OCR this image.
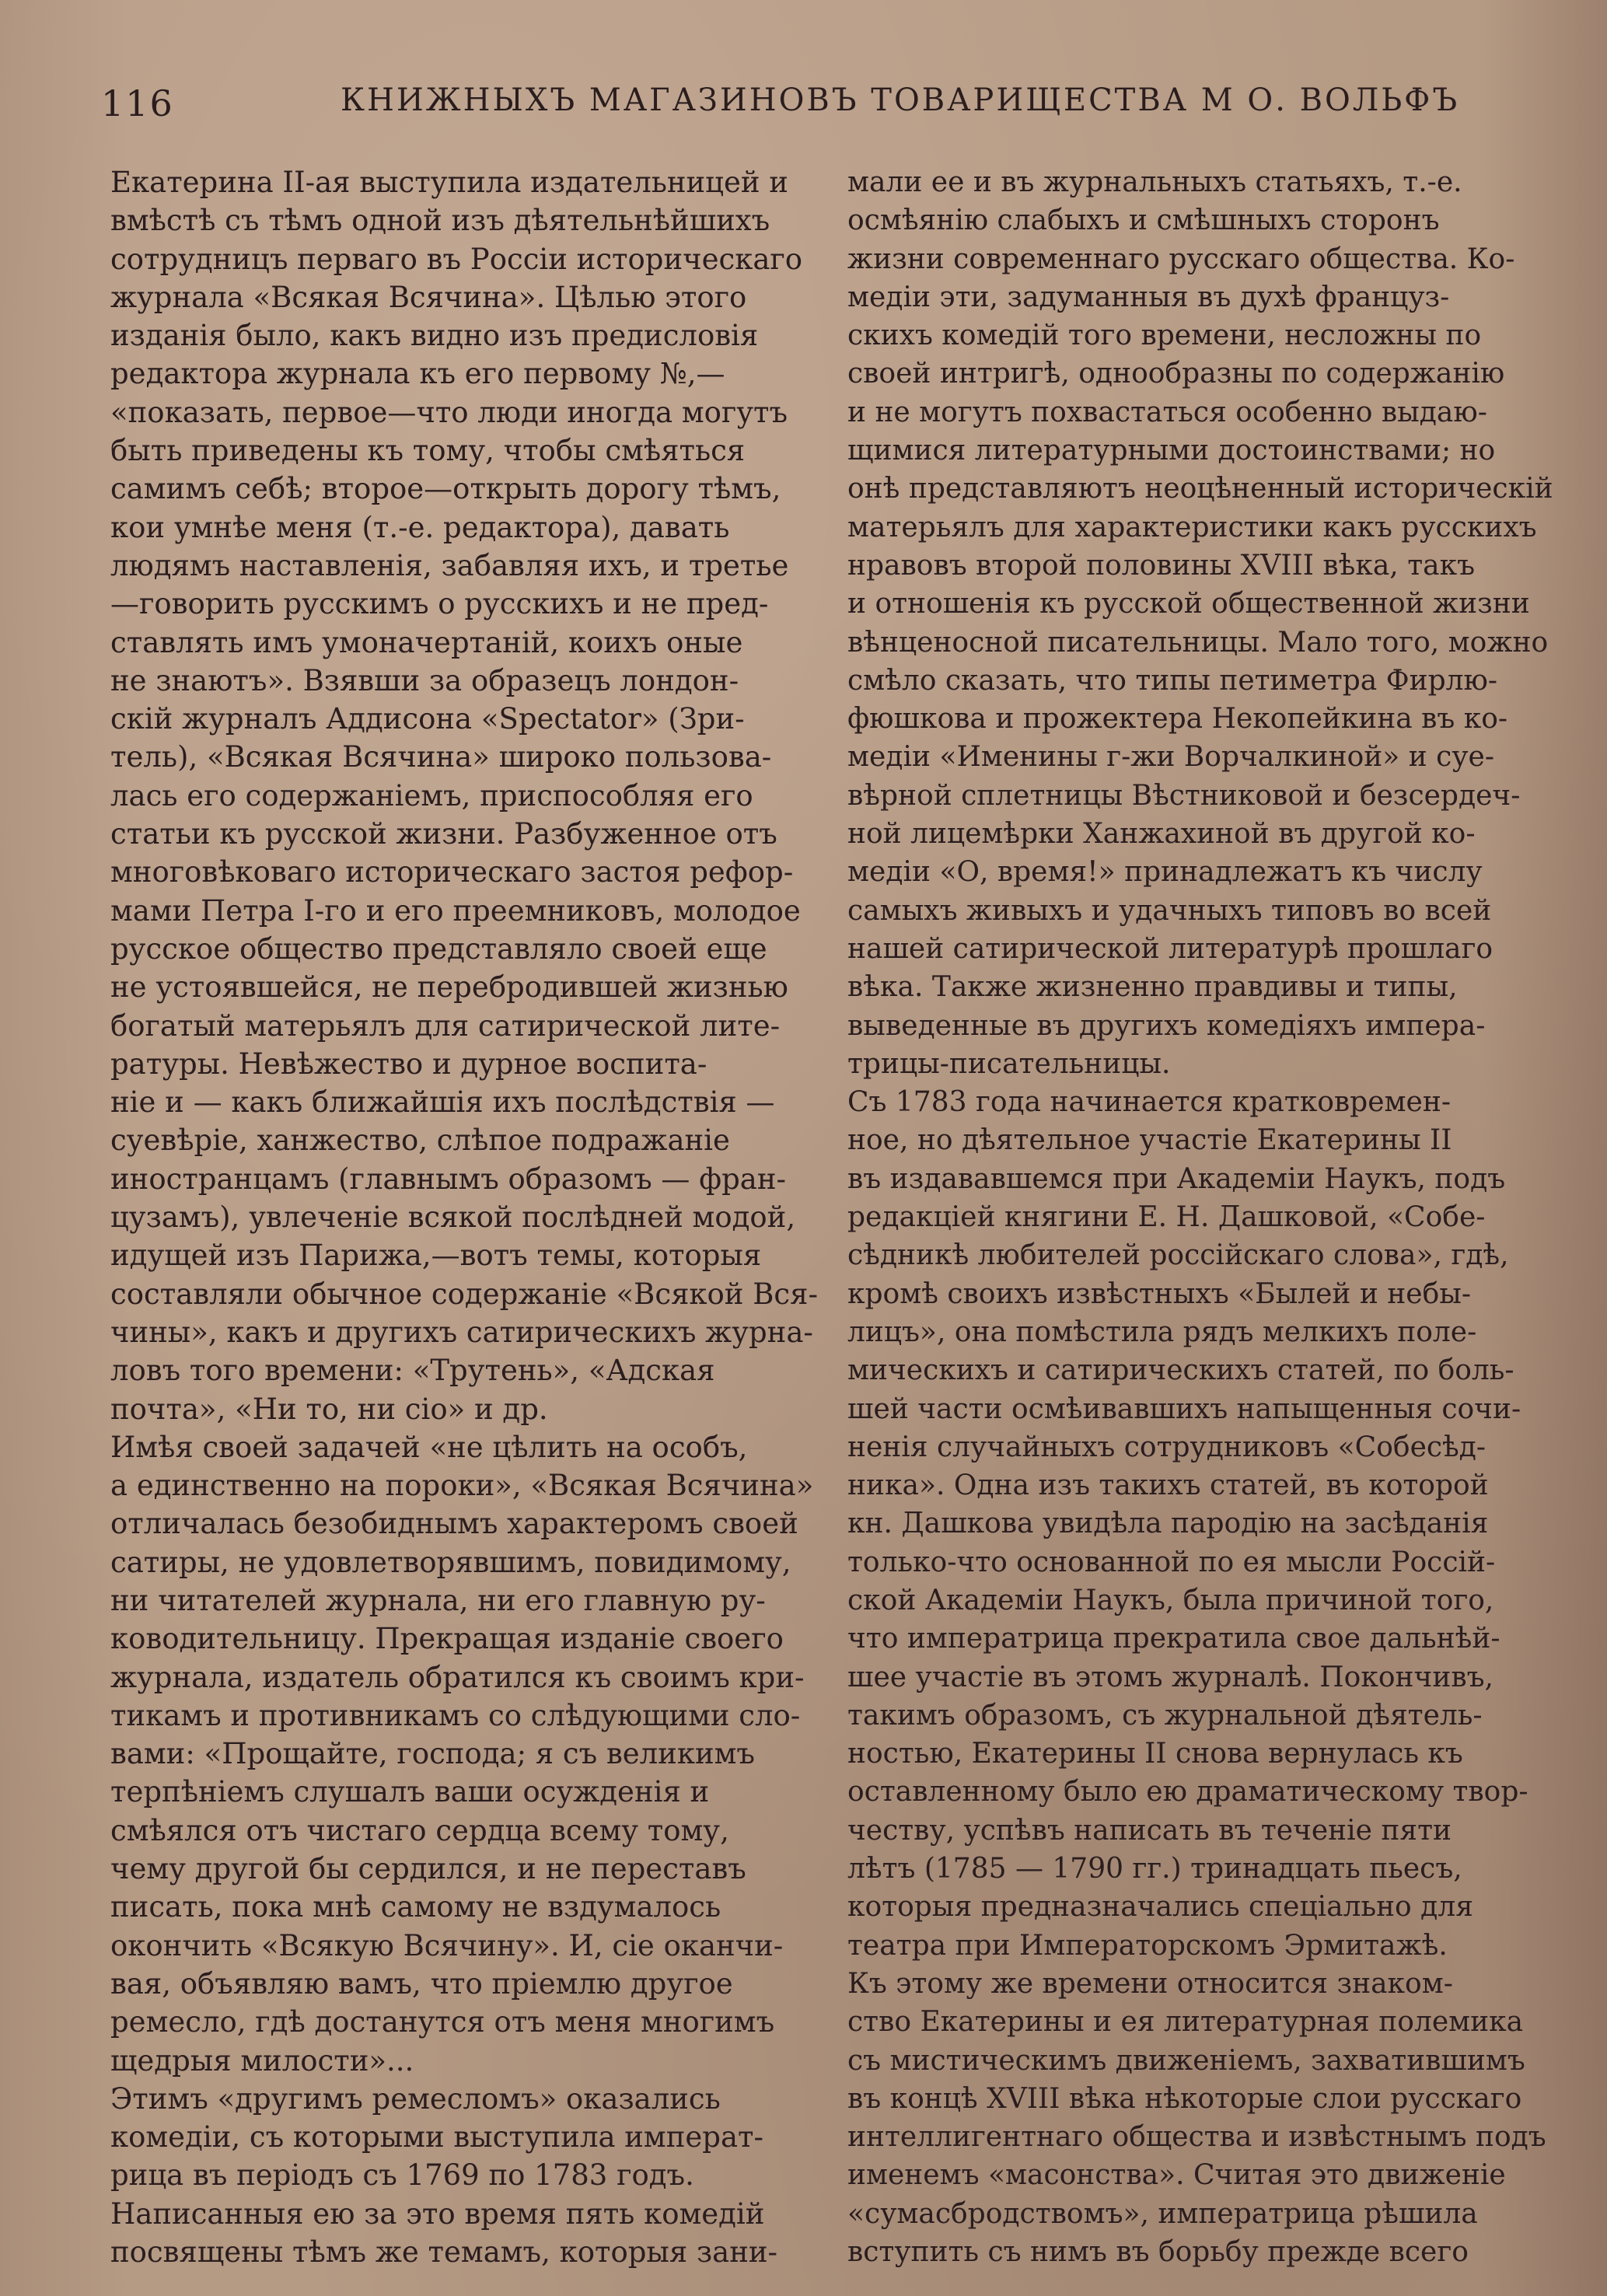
116	КНИЖНЫХЪ МАГАЗИНОВЪ ТОВАРИЩЕСТВА М О. ВОЛЬФЪ
Екатерина II-ая выступила издательницей и
вмѣстѣ съ тѣмъ одной изъ дѣятельнѣйшихъ
сотрудницъ перваго въ Россіи историческаго
журнала «Всякая Всячина». Цѣлью этого
изданія было, какъ видно изъ предисловія
редактора журнала къ его первому №,—
«показать, первое—что люди иногда могутъ
быть приведены къ тому, чтобы смѣяться
самимъ себѣ; второе—открыть дорогу тѣмъ,
кои умнѣе меня (т.-е. редактора), давать
людямъ наставленія, забавляя ихъ, и третье
—говорить русскимъ о русскихъ и не пред-
ставлять имъ умоначертаній, коихъ оные
не знаютъ». Взявши за образецъ лондон-
скій журналъ Аддисона «Spectator» (Зри-
тель), «Всякая Всячина» широко пользова-
лась его содержаніемъ, приспособляя его
статьи къ русской жизни. Разбуженное отъ
многовѣковаго историческаго застоя рефор-
мами Петра I-го и его преемниковъ, молодое
русское общество представляло своей еще
не устоявшейся, не перебродившей жизнью
богатый матерьялъ для сатирической лите-
ратуры. Невѣжество и дурное воспита-
ніе и — какъ ближайшія ихъ послѣдствія —
суевѣріе, ханжество, слѣпое подражаніе
иностранцамъ (главнымъ образомъ — фран-
цузамъ), увлеченіе всякой послѣдней модой,
идущей изъ Парижа,—вотъ темы, которыя
составляли обычное содержаніе «Всякой Вся-
чины», какъ и другихъ сатирическихъ журна-
ловъ того времени: «Трутень», «Адская
почта», «Ни то, ни сіо» и др.
Имѣя своей задачей «не цѣлить на особъ,
а единственно на пороки», «Всякая Всячина»
отличалась безобиднымъ характеромъ своей
сатиры, не удовлетворявшимъ, повидимому,
ни читателей журнала, ни его главную ру-
ководительницу. Прекращая изданіе своего
журнала, издатель обратился къ своимъ кри-
тикамъ и противникамъ со слѣдующими сло-
вами: «Прощайте, господа; я съ великимъ
терпѣніемъ слушалъ ваши осужденія и
смѣялся отъ чистаго сердца всему тому,
чему другой бы сердился, и не переставъ
писать, пока мнѣ самому не вздумалось
окончить «Всякую Всячину». И, сіе оканчи-
вая, объявляю вамъ, что пріемлю другое
ремесло, гдѣ достанутся отъ меня многимъ
щедрыя милости»...
Этимъ «другимъ ремесломъ» оказались
комедіи, съ которыми выступила императ-
рица въ періодъ съ 1769 по 1783 годъ.
Написанныя ею за это время пять комедій
посвящены тѣмъ же темамъ, которыя зани-
мали ее и въ журнальныхъ статьяхъ, т.-е.
осмѣянію слабыхъ и смѣшныхъ сторонъ
жизни современнаго русскаго общества. Ко-
медіи эти, задуманныя въ духѣ француз-
скихъ комедій того времени, несложны по
своей интригѣ, однообразны по содержанію
и не могутъ похвастаться особенно выдаю-
щимися литературными достоинствами; но
онѣ представляютъ неоцѣненный историческій
матерьялъ для характеристики какъ русскихъ
нравовъ второй половины XVIII вѣка, такъ
и отношенія къ русской общественной жизни
вѣнценосной писательницы. Мало того, можно
смѣло сказать, что типы петиметра Фирлю-
фюшкова и прожектера Некопейкина въ ко-
медіи «Именины г-жи Ворчалкиной» и суе-
вѣрной сплетницы Вѣстниковой и безсердеч-
ной лицемѣрки Ханжахиной въ другой ко-
медіи «О, время!» принадлежатъ къ числу
самыхъ живыхъ и удачныхъ типовъ во всей
нашей сатирической литературѣ прошлаго
вѣка. Также жизненно правдивы и типы,
выведенные въ другихъ комедіяхъ импера-
трицы-писательницы.
Съ 1783 года начинается кратковремен-
ное, но дѣятельное участіе Екатерины II
въ издававшемся при Академіи Наукъ, подъ
редакціей княгини Е. Н. Дашковой, «Собе-
сѣдникѣ любителей россійскаго слова», гдѣ,
кромѣ своихъ извѣстныхъ «Былей и небы-
лицъ», она помѣстила рядъ мелкихъ поле-
мическихъ и сатирическихъ статей, по боль-
шей части осмѣивавшихъ напыщенныя сочи-
ненія случайныхъ сотрудниковъ «Собесѣд-
ника». Одна изъ такихъ статей, въ которой
кн. Дашкова увидѣла пародію на засѣданія
только-что основанной по ея мысли Россій-
ской Академіи Наукъ, была причиной того,
что императрица прекратила свое дальнѣй-
шее участіе въ этомъ журналѣ. Покончивъ,
такимъ образомъ, съ журнальной дѣятель-
ностью, Екатерины II снова вернулась къ
оставленному было ею драматическому твор-
честву, успѣвъ написать въ теченіе пяти
лѣтъ (1785 — 1790 гг.) тринадцать пьесъ,
которыя предназначались спеціально для
театра при Императорскомъ Эрмитажѣ.
Къ этому же времени относится знаком-
ство Екатерины и ея литературная полемика
съ мистическимъ движеніемъ, захватившимъ
въ концѣ XVIII вѣка нѣкоторые слои русскаго
интеллигентнаго общества и извѣстнымъ подъ
именемъ «масонства». Считая это движеніе
«сумасбродствомъ», императрица рѣшила
вступить съ нимъ въ борьбу прежде всего
